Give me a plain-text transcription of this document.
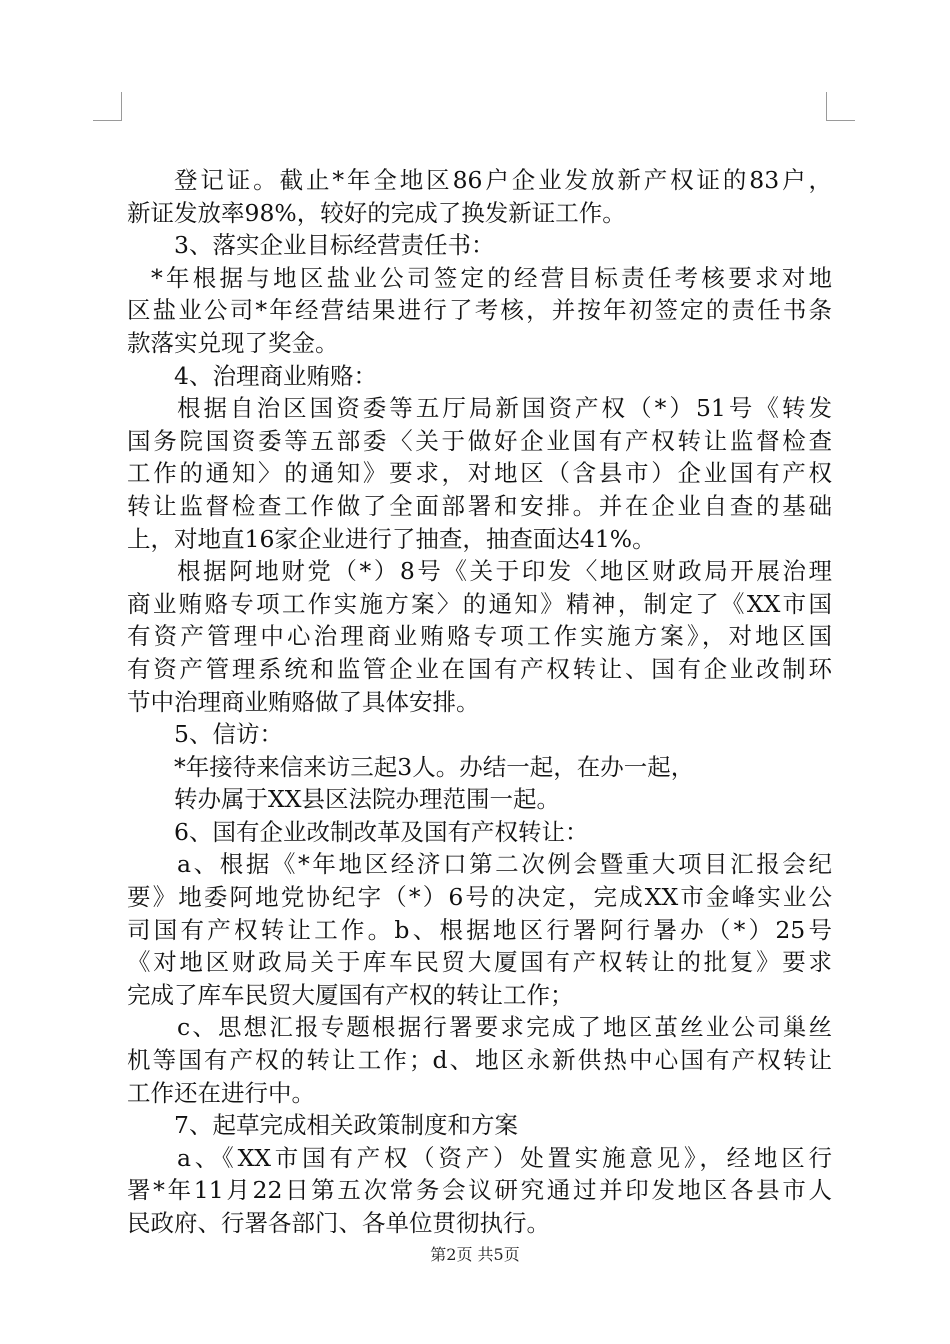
登记证。截止*年全地区86户企业发放新产权证的83户，
新证发放率98%，较好的完成了换发新证工作。
3、落实企业目标经营责任书：
*年根据与地区盐业公司签定的经营目标责任考核要求对地
区盐业公司*年经营结果进行了考核，并按年初签定的责任书条
款落实兑现了奖金。
4、治理商业贿赂：
根据自治区国资委等五厅局新国资产权（*）51号《转发
国务院国资委等五部委〈关于做好企业国有产权转让监督检查
工作的通知〉的通知》要求，对地区（含县市）企业国有产权
转让监督检查工作做了全面部署和安排。并在企业自查的基础
上，对地直16家企业进行了抽查，抽查面达41%。
根据阿地财党（*）8号《关于印发〈地区财政局开展治理
商业贿赂专项工作实施方案〉的通知》精神，制定了《XX市国
有资产管理中心治理商业贿赂专项工作实施方案》，对地区国
有资产管理系统和监管企业在国有产权转让、国有企业改制环
节中治理商业贿赂做了具体安排。
5、信访：
*年接待来信来访三起3人。办结一起，在办一起，
转办属于XX县区法院办理范围一起。
6、国有企业改制改革及国有产权转让：
a、根据《*年地区经济口第二次例会暨重大项目汇报会纪
要》地委阿地党协纪字（*）6号的决定，完成XX市金峰实业公
司国有产权转让工作。b、根据地区行署阿行暑办（*）25号
《对地区财政局关于库车民贸大厦国有产权转让的批复》要求
完成了库车民贸大厦国有产权的转让工作；
c、思想汇报专题根据行署要求完成了地区茧丝业公司巢丝
机等国有产权的转让工作；d、地区永新供热中心国有产权转让
工作还在进行中。
7、起草完成相关政策制度和方案
a、《XX市国有产权（资产）处置实施意见》，经地区行
署*年11月22日第五次常务会议研究通过并印发地区各县市人
民政府、行署各部门、各单位贯彻执行。
第2页 共5页
